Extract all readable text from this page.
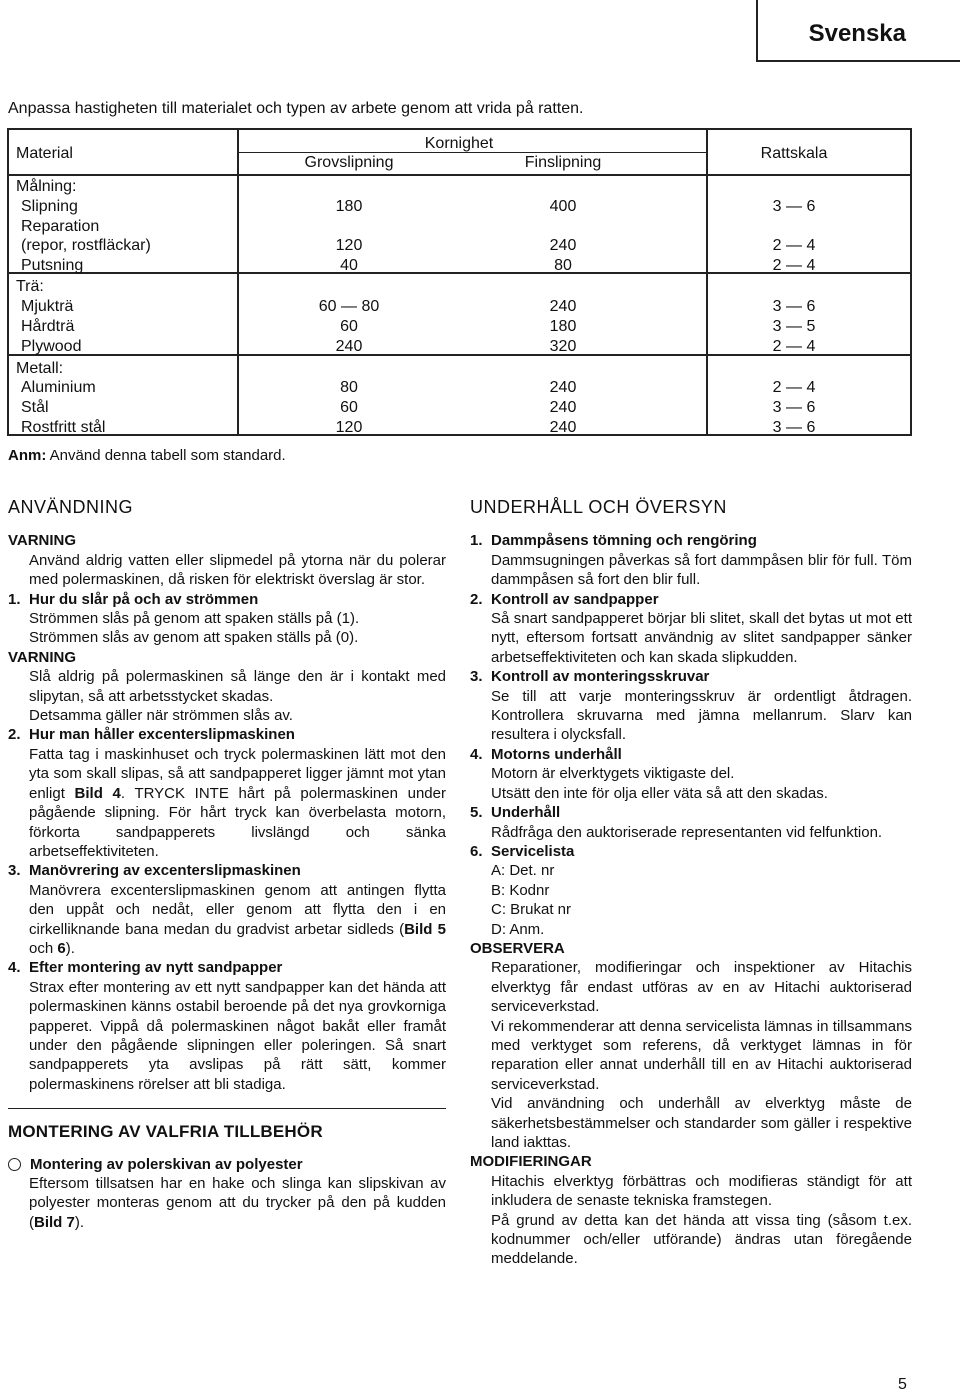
Svenska
Anpassa hastigheten till materialet och typen av arbete genom att vrida på ratten.
Material
Kornighet
Grovslipning	Finslipning
Rattskala
Målning:
Slipning	180	400	3 — 6
Reparation
(repor, rostfläckar)	120	240	2 — 4
Putsning	40	80	2 — 4
Trä:
Mjukträ	60 — 80	240	3 — 6
Hårdträ	60	180	3 — 5
Plywood	240	320	2 — 4
Metall:
Aluminium	80	240	2 — 4
Stål	60	240	3 — 6
Rostfritt stål	120	240	3 — 6
Anm: Använd denna tabell som standard.
ANVÄNDNING
VARNING
Använd aldrig vatten eller slipmedel på ytorna när du polerar med polermaskinen, då risken för elektriskt överslag är stor.
1. Hur du slår på och av strömmen
Strömmen slås på genom att spaken ställs på (1).
Strömmen slås av genom att spaken ställs på (0).
VARNING
Slå aldrig på polermaskinen så länge den är i kontakt med slipytan, så att arbetsstycket skadas.
Detsamma gäller när strömmen slås av.
2. Hur man håller excenterslipmaskinen
Fatta tag i maskinhuset och tryck polermaskinen lätt mot den yta som skall slipas, så att sandpapperet ligger jämnt mot ytan enligt Bild 4. TRYCK INTE hårt på polermaskinen under pågående slipning. För hårt tryck kan överbelasta motorn, förkorta sandpapperets livslängd och sänka arbetseffektiviteten.
3. Manövrering av excenterslipmaskinen
Manövrera excenterslipmaskinen genom att antingen flytta den uppåt och nedåt, eller genom att flytta den i en cirkelliknande bana medan du gradvist arbetar sidleds (Bild 5 och 6).
4. Efter montering av nytt sandpapper
Strax efter montering av ett nytt sandpapper kan det hända att polermaskinen känns ostabil beroende på det nya grovkorniga papperet. Vippå då polermaskinen något bakåt eller framåt under den pågående slipningen eller poleringen. Så snart sandpapperets yta avslipas på rätt sätt, kommer polermaskinens rörelser att bli stadiga.
MONTERING AV VALFRIA TILLBEHÖR
Montering av polerskivan av polyester
Eftersom tillsatsen har en hake och slinga kan slipskivan av polyester monteras genom att du trycker på den på kudden (Bild 7).
UNDERHÅLL OCH ÖVERSYN
1. Dammpåsens tömning och rengöring
Dammsugningen påverkas så fort dammpåsen blir för full. Töm dammpåsen så fort den blir full.
2. Kontroll av sandpapper
Så snart sandpapperet börjar bli slitet, skall det bytas ut mot ett nytt, eftersom fortsatt användnig av slitet sandpapper sänker arbetseffektiviteten och kan skada slipkudden.
3. Kontroll av monteringsskruvar
Se till att varje monteringsskruv är ordentligt åtdragen. Kontrollera skruvarna med jämna mellanrum. Slarv kan resultera i olycksfall.
4. Motorns underhåll
Motorn är elverktygets viktigaste del.
Utsätt den inte för olja eller väta så att den skadas.
5. Underhåll
Rådfråga den auktoriserade representanten vid felfunktion.
6. Servicelista
A: Det. nr
B: Kodnr
C: Brukat nr
D: Anm.
OBSERVERA
Reparationer, modifieringar och inspektioner av Hitachis elverktyg får endast utföras av en av Hitachi auktoriserad serviceverkstad.
Vi rekommenderar att denna servicelista lämnas in tillsammans med verktyget som referens, då verktyget lämnas in för reparation eller annat underhåll till en av Hitachi auktoriserad serviceverkstad.
Vid användning och underhåll av elverktyg måste de säkerhetsbestämmelser och standarder som gäller i respektive land iakttas.
MODIFIERINGAR
Hitachis elverktyg förbättras och modifieras ständigt för att inkludera de senaste tekniska framstegen.
På grund av detta kan det hända att vissa ting (såsom t.ex. kodnummer och/eller utförande) ändras utan föregående meddelande.
5
